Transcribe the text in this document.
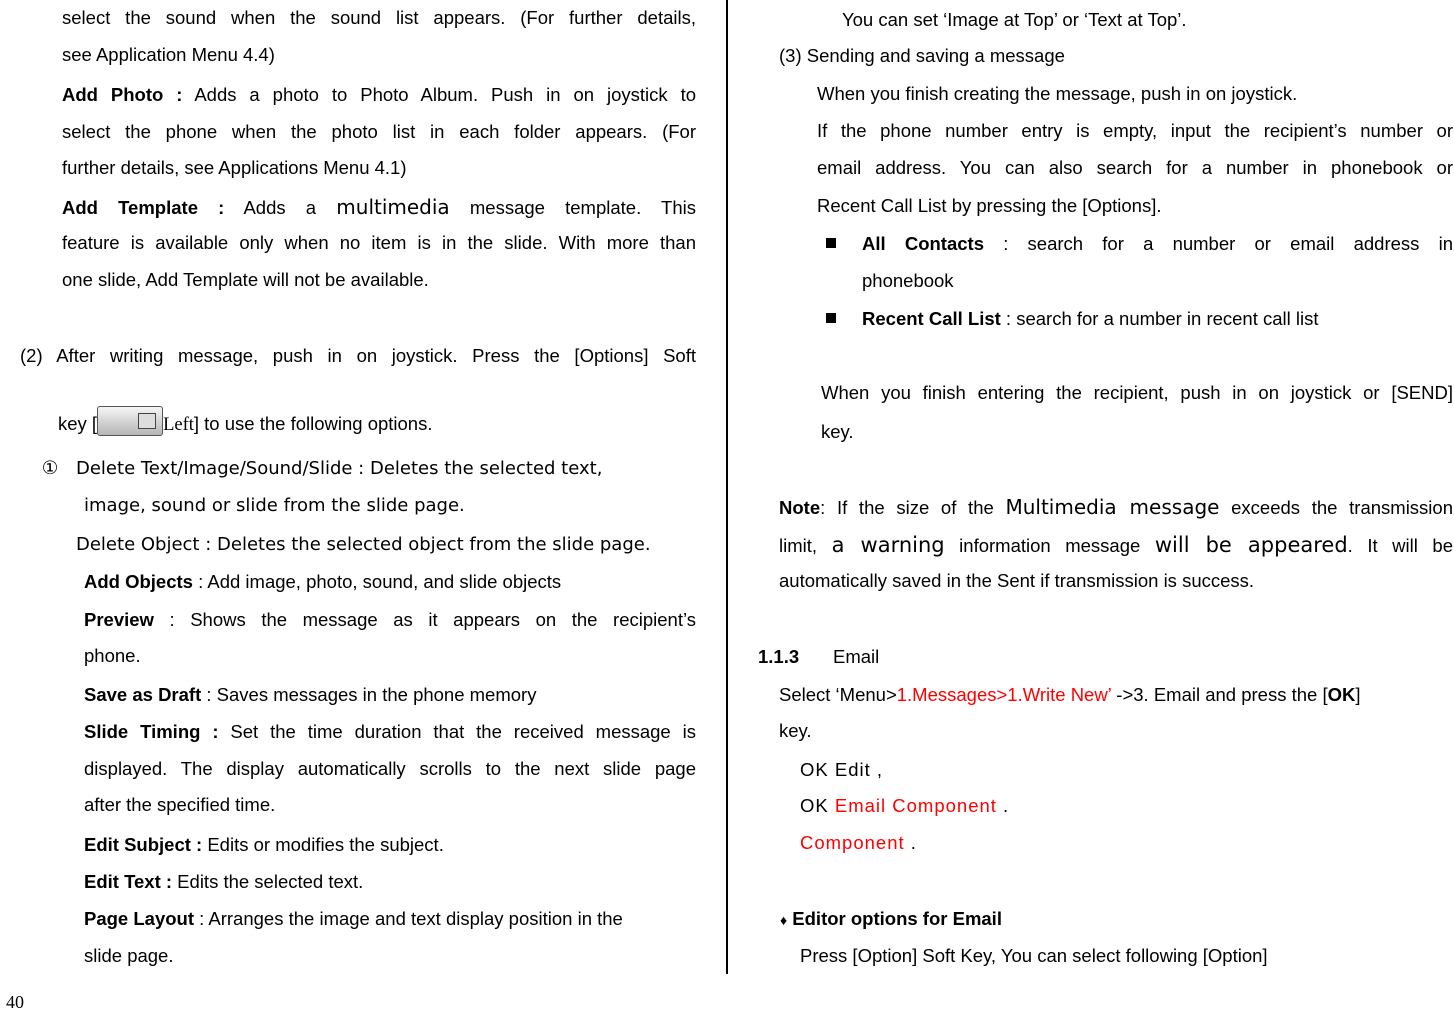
select the sound when the sound list appears. (For further details,
see Application Menu 4.4)
Add Photo : Adds a photo to Photo Album. Push in on joystick to
select the phone when the photo list in each folder appears. (For
further details, see Applications Menu 4.1)
Add Template : Adds a multimedia message template. This
feature is available only when no item is in the slide. With more than
one slide, Add Template will not be available.
(2) After writing message, push in on joystick. Press the [Options] Soft
key [	Left] to use the following options.
① Delete Text/Image/Sound/Slide : Deletes the selected text,
image, sound or slide from the slide page.
Delete Object : Deletes the selected object from the slide page.
Add Objects : Add image, photo, sound, and slide objects
Preview : Shows the message as it appears on the recipient’s
phone.
Save as Draft : Saves messages in the phone memory
Slide Timing : Set the time duration that the received message is
displayed. The display automatically scrolls to the next slide page
after the specified time.
Edit Subject : Edits or modifies the subject.
Edit Text : Edits the selected text.
Page Layout : Arranges the image and text display position in the
slide page.
You can set ‘Image at Top’ or ‘Text at Top’.
(3) Sending and saving a message
When you finish creating the message, push in on joystick.
If the phone number entry is empty, input the recipient’s number or
email address. You can also search for a number in phonebook or
Recent Call List by pressing the [Options].
All Contacts : search for a number or email address in
phonebook
Recent Call List : search for a number in recent call list
When you finish entering the recipient, push in on joystick or [SEND]
key.
Note: If the size of the Multimedia message exceeds the transmission
limit, a warning information message will be appeared. It will be
automatically saved in the Sent if transmission is success.
1.1.3 Email
Select ‘Menu>1.Messages>1.Write New’ ->3. Email and press the [OK]
key.
OK Edit ,
OK Email Component .
Component .
♦ Editor options for Email
Press [Option] Soft Key, You can select following [Option]
40
